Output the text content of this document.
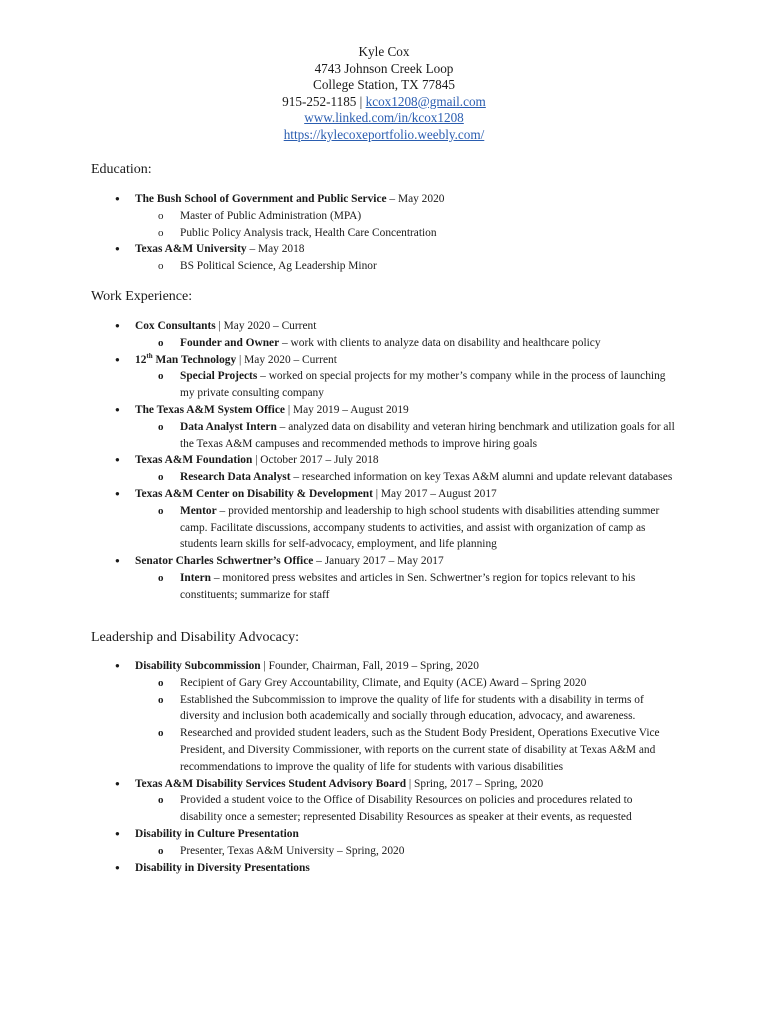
Kyle Cox
4743 Johnson Creek Loop
College Station, TX 77845
915-252-1185 | kcox1208@gmail.com
www.linked.com/in/kcox1208
https://kylecoxeportfolio.weebly.com/
Education:
● The Bush School of Government and Public Service – May 2020
o Master of Public Administration (MPA)
o Public Policy Analysis track, Health Care Concentration
● Texas A&M University – May 2018
o BS Political Science, Ag Leadership Minor
Work Experience:
● Cox Consultants | May 2020 – Current
o Founder and Owner – work with clients to analyze data on disability and healthcare policy
● 12th Man Technology | May 2020 – Current
o Special Projects – worked on special projects for my mother’s company while in the process of launching my private consulting company
● The Texas A&M System Office | May 2019 – August 2019
o Data Analyst Intern – analyzed data on disability and veteran hiring benchmark and utilization goals for all the Texas A&M campuses and recommended methods to improve hiring goals
● Texas A&M Foundation | October 2017 – July 2018
o Research Data Analyst – researched information on key Texas A&M alumni and update relevant databases
● Texas A&M Center on Disability & Development | May 2017 – August 2017
o Mentor – provided mentorship and leadership to high school students with disabilities attending summer camp. Facilitate discussions, accompany students to activities, and assist with organization of camp as students learn skills for self-advocacy, employment, and life planning
● Senator Charles Schwertner’s Office – January 2017 – May 2017
o Intern – monitored press websites and articles in Sen. Schwertner’s region for topics relevant to his constituents; summarize for staff
Leadership and Disability Advocacy:
● Disability Subcommission | Founder, Chairman, Fall, 2019 – Spring, 2020
o Recipient of Gary Grey Accountability, Climate, and Equity (ACE) Award – Spring 2020
o Established the Subcommission to improve the quality of life for students with a disability in terms of diversity and inclusion both academically and socially through education, advocacy, and awareness.
o Researched and provided student leaders, such as the Student Body President, Operations Executive Vice President, and Diversity Commissioner, with reports on the current state of disability at Texas A&M and recommendations to improve the quality of life for students with various disabilities
● Texas A&M Disability Services Student Advisory Board | Spring, 2017 – Spring, 2020
o Provided a student voice to the Office of Disability Resources on policies and procedures related to disability once a semester; represented Disability Resources as speaker at their events, as requested
● Disability in Culture Presentation
o Presenter, Texas A&M University – Spring, 2020
● Disability in Diversity Presentations
